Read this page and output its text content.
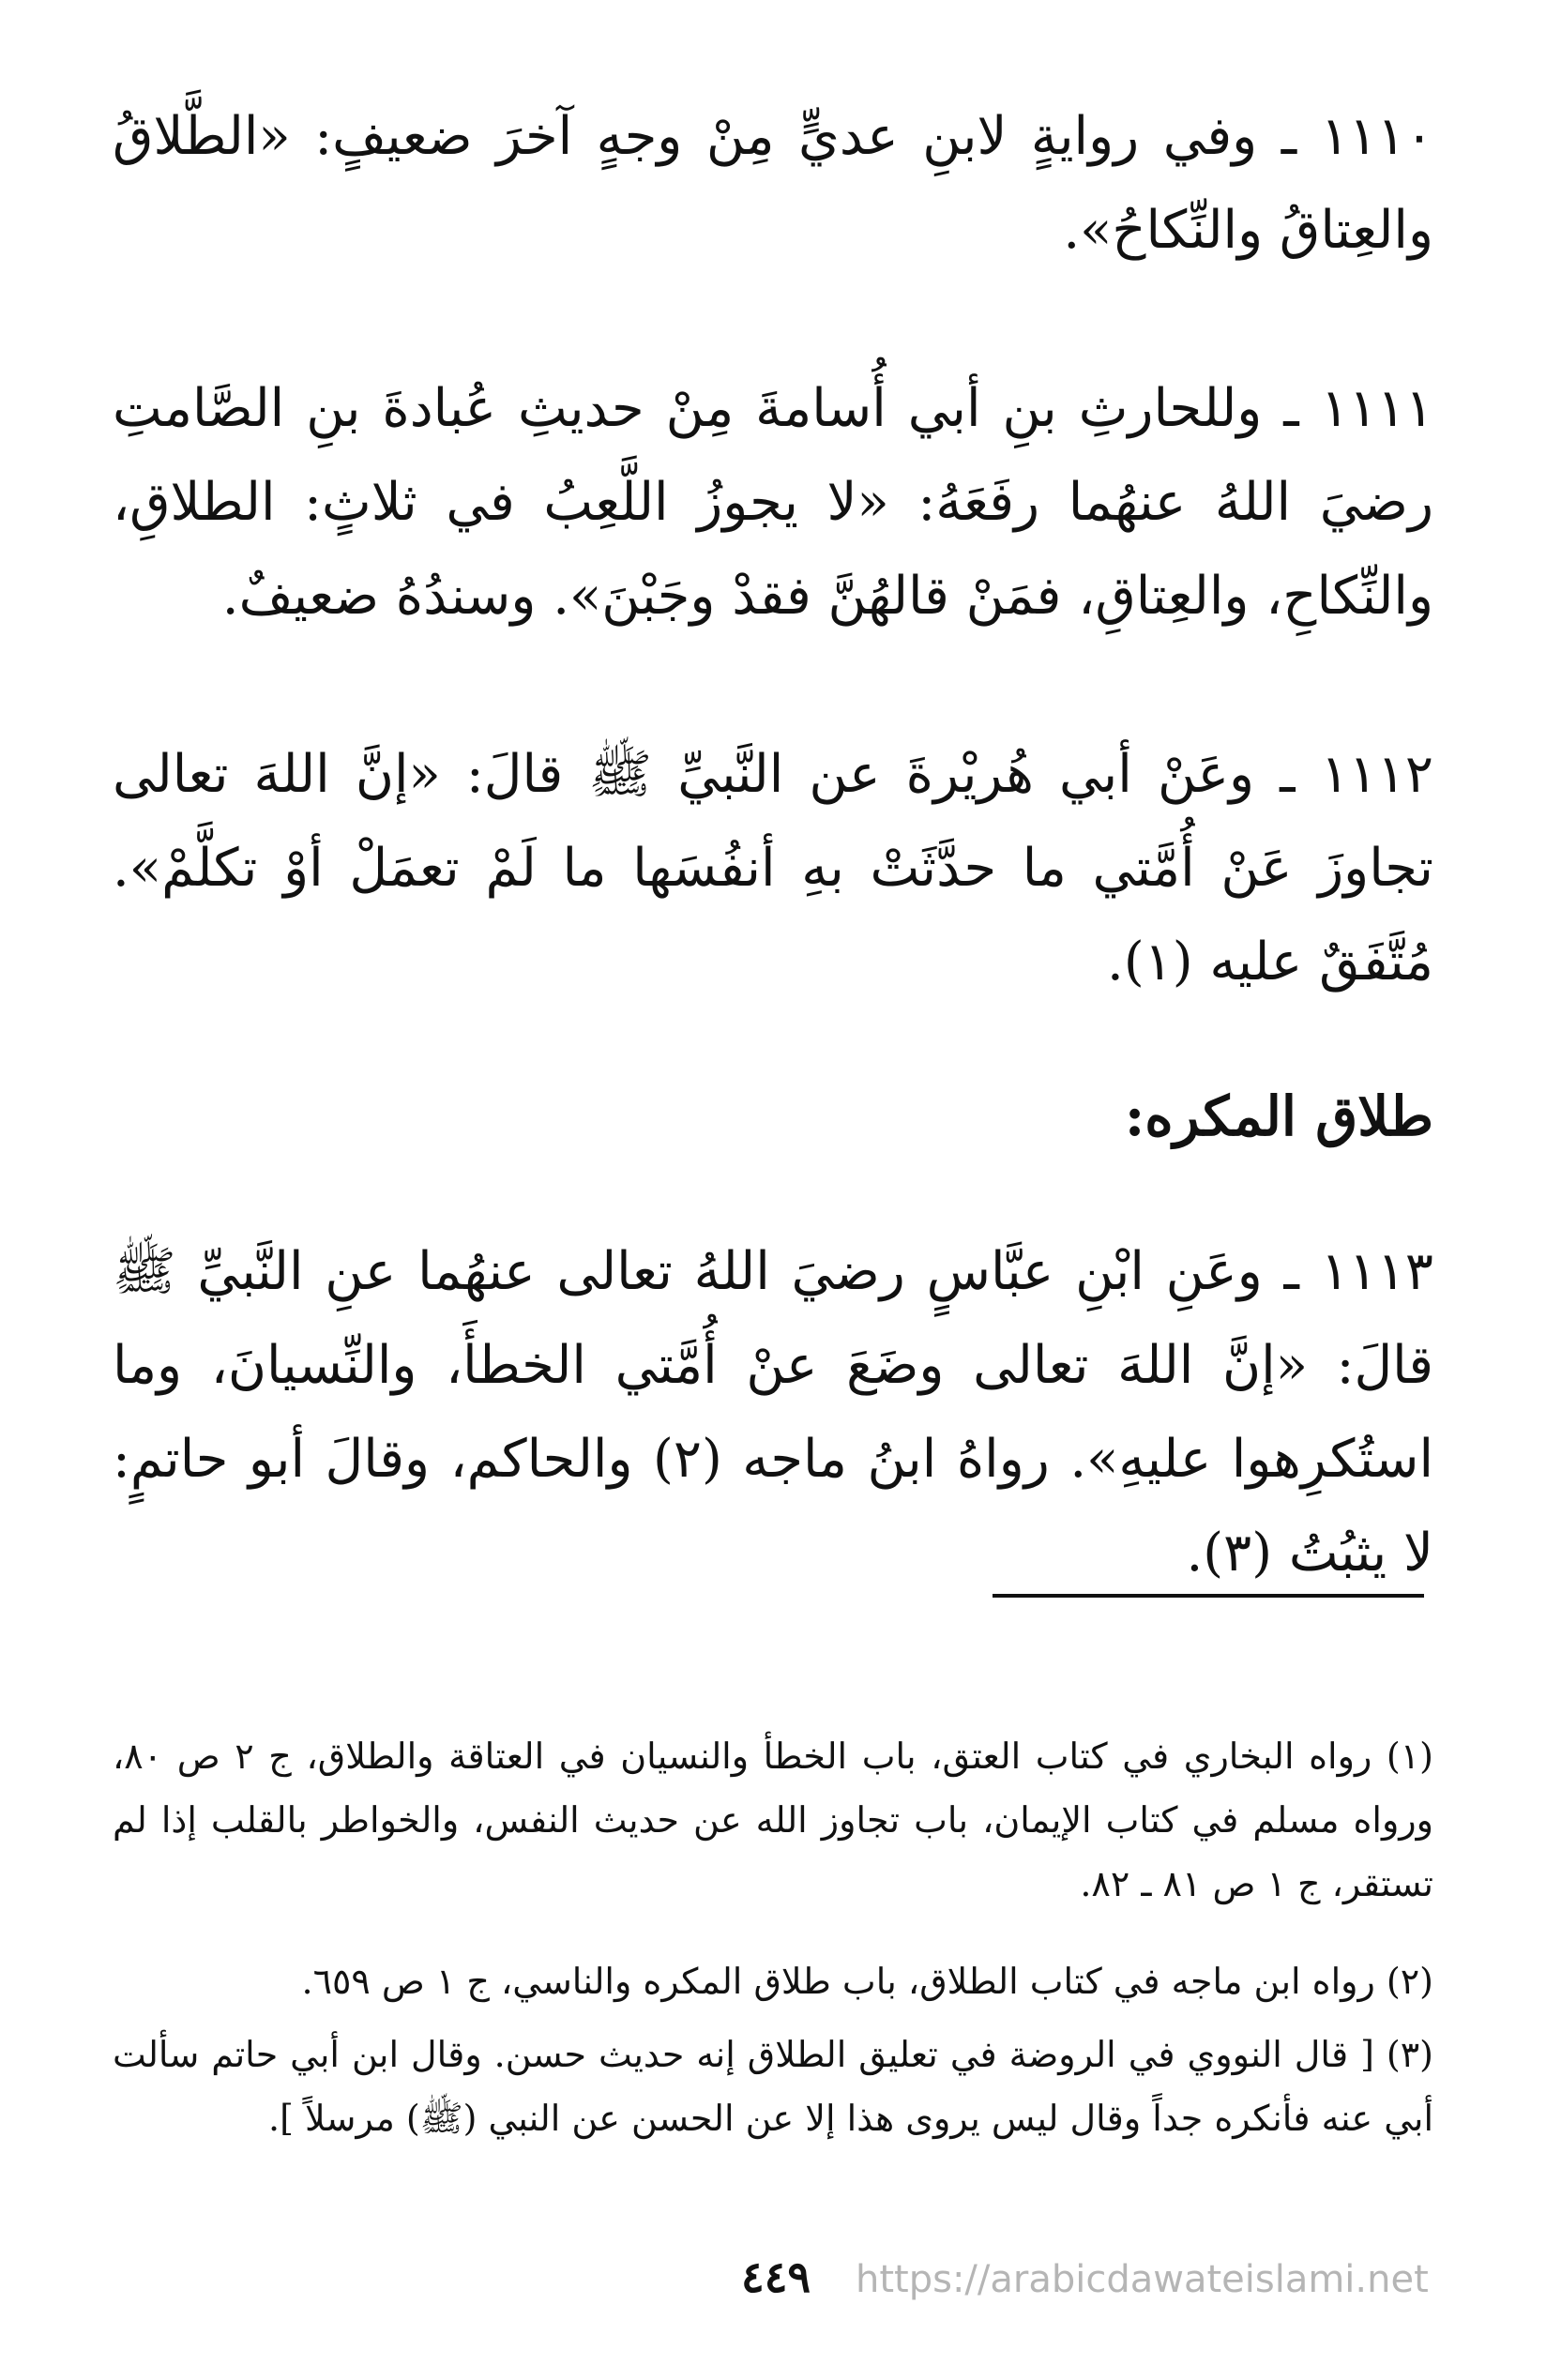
١١١٠ ـ وفي روايةٍ لابنِ عديٍّ مِنْ وجهٍ آخرَ ضعيفٍ: «الطَّلاقُ والعِتاقُ والنِّكاحُ».

١١١١ ـ وللحارثِ بنِ أبي أُسامةَ مِنْ حديثِ عُبادةَ بنِ الصَّامتِ رضيَ اللهُ عنهُما رفَعَهُ: «لا يجوزُ اللَّعِبُ في ثلاثٍ: الطلاقِ، والنِّكاحِ، والعِتاقِ، فمَنْ قالهُنَّ فقدْ وجَبْنَ». وسندُهُ ضعيفٌ.

١١١٢ ـ وعَنْ أبي هُريْرةَ عن النَّبيِّ ﷺ قالَ: «إنَّ اللهَ تعالى تجاوزَ عَنْ أُمَّتي ما حدَّثَتْ بهِ أنفُسَها ما لَمْ تعمَلْ أوْ تكلَّمْ». مُتَّفَقٌ عليه (١).

طلاق المكره:

١١١٣ ـ وعَنِ ابْنِ عبَّاسٍ رضيَ اللهُ تعالى عنهُما عنِ النَّبيِّ ﷺ قالَ: «إنَّ اللهَ تعالى وضَعَ عنْ أُمَّتي الخطأَ، والنِّسيانَ، وما استُكرِهوا عليهِ». رواهُ ابنُ ماجه (٢) والحاكم، وقالَ أبو حاتمٍ: لا يثبُتُ (٣).

(١) رواه البخاري في كتاب العتق، باب الخطأ والنسيان في العتاقة والطلاق، ج ٢ ص ٨٠، ورواه مسلم في كتاب الإيمان، باب تجاوز الله عن حديث النفس، والخواطر بالقلب إذا لم تستقر، ج ١ ص ٨١ ـ ٨٢.

(٢) رواه ابن ماجه في كتاب الطلاق، باب طلاق المكره والناسي، ج ١ ص ٦٥٩.

(٣) [ قال النووي في الروضة في تعليق الطلاق إنه حديث حسن. وقال ابن أبي حاتم سألت أبي عنه فأنكره جداً وقال ليس يروى هذا إلا عن الحسن عن النبي (ﷺ) مرسلاً ].

٤٤٩ https://arabicdawateislami.net
